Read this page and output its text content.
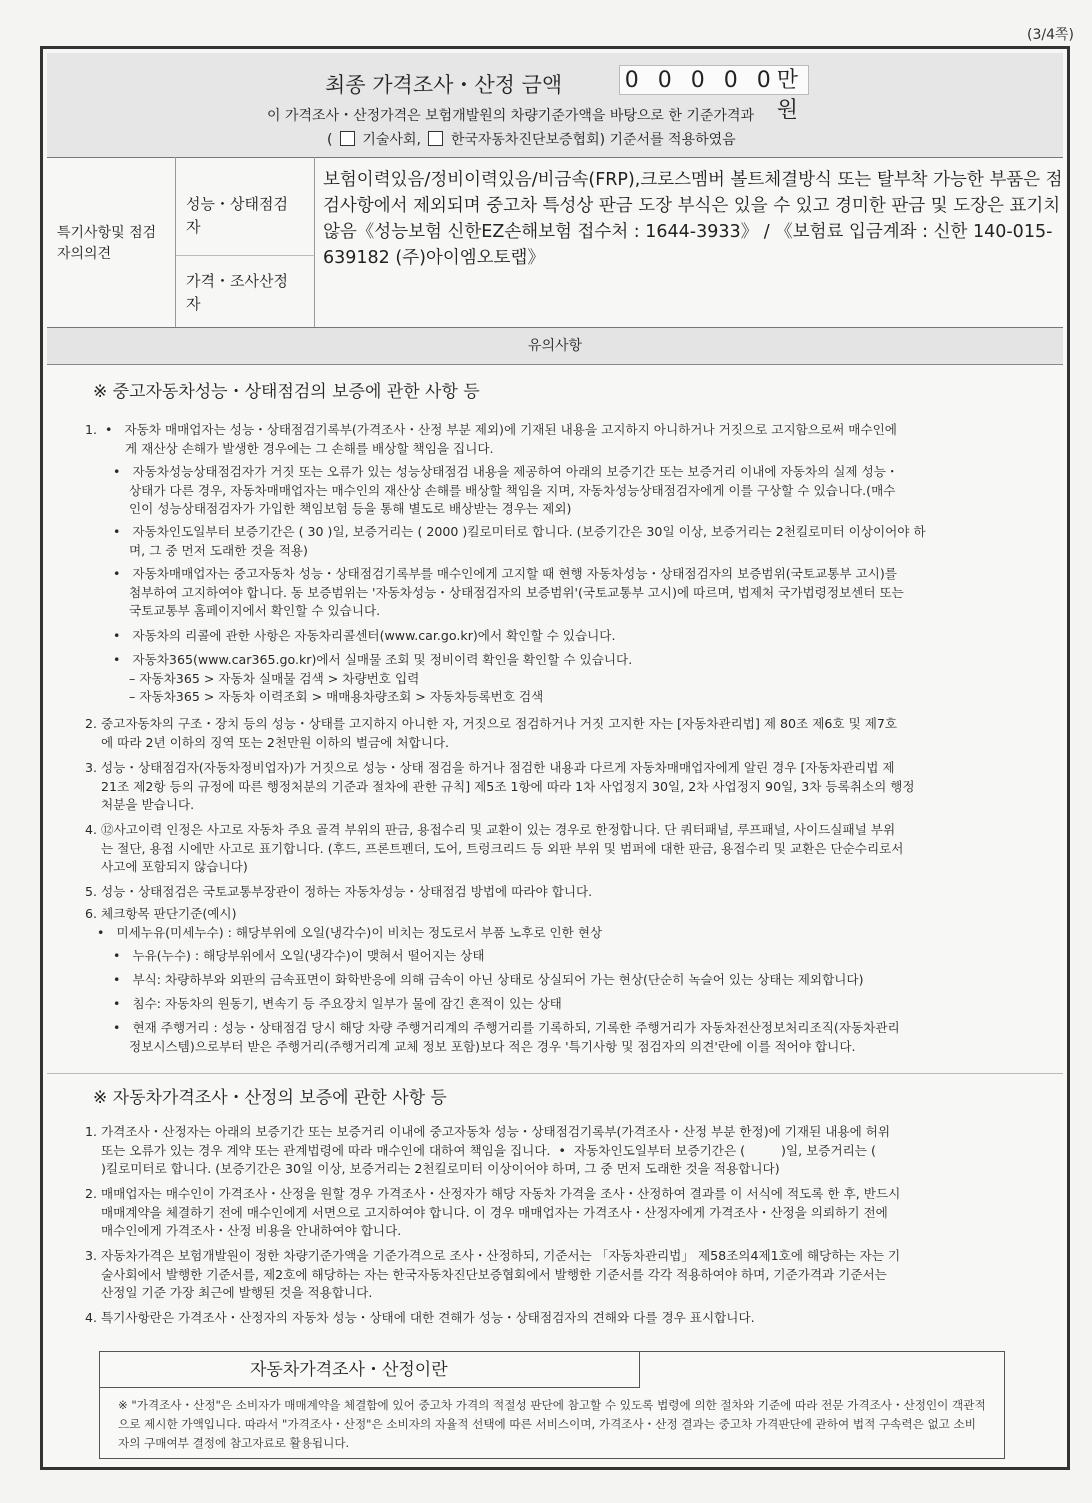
(3/4쪽)
최종 가격조사・산정 금액	0 0 0 0 0만원
이 가격조사・산정가격은 보험개발원의 차량기준가액을 바탕으로 한 기준가격과
( 기술사회, 한국자동차진단보증협회) 기준서를 적용하였음
특기사항및 점검자의의견
성능・상태점검 자
가격・조사산정 자
보험이력있음/정비이력있음/비금속(FRP),크로스멤버 볼트체결방식 또는 탈부착 가능한 부품은 점검사항에서 제외되며 중고차 특성상 판금 도장 부식은 있을 수 있고 경미한 판금 및 도장은 표기치 않음《성능보험 신한EZ손해보험 접수처 : 1644-3933》 / 《보험료 입금계좌 : 신한 140-015-639182 (주)아이엠오토랩》
유의사항
※ 중고자동차성능・상태점검의 보증에 관한 사항 등
1.  •   자동차 매매업자는 성능・상태점검기록부(가격조사・산정 부분 제외)에 기재된 내용을 고지하지 아니하거나 거짓으로 고지함으로써 매수인에
게 재산상 손해가 발생한 경우에는 그 손해를 배상할 책임을 집니다.
•   자동차성능상태점검자가 거짓 또는 오류가 있는 성능상태점검 내용을 제공하여 아래의 보증기간 또는 보증거리 이내에 자동차의 실제 성능・
상태가 다른 경우, 자동차매매업자는 매수인의 재산상 손해를 배상할 책임을 지며, 자동차성능상태점검자에게 이를 구상할 수 있습니다.(매수
인이 성능상태점검자가 가입한 책임보험 등을 통해 별도로 배상받는 경우는 제외)
•   자동차인도일부터 보증기간은 ( 30 )일, 보증거리는 ( 2000 )킬로미터로 합니다. (보증기간은 30일 이상, 보증거리는 2천킬로미터 이상이어야 하
며, 그 중 먼저 도래한 것을 적용)
•   자동차매매업자는 중고자동차 성능・상태점검기록부를 매수인에게 고지할 때 현행 자동차성능・상태점검자의 보증범위(국토교통부 고시)를
첨부하여 고지하여야 합니다. 동 보증범위는 '자동차성능・상태점검자의 보증범위'(국토교통부 고시)에 따르며, 법제처 국가법령정보센터 또는
국토교통부 홈페이지에서 확인할 수 있습니다.
•   자동차의 리콜에 관한 사항은 자동차리콜센터(www.car.go.kr)에서 확인할 수 있습니다.
•   자동차365(www.car365.go.kr)에서 실매물 조회 및 정비이력 확인을 확인할 수 있습니다.
– 자동차365 > 자동차 실매물 검색 > 차량번호 입력
– 자동차365 > 자동차 이력조회 > 매매용차량조회 > 자동차등록번호 검색
2. 중고자동차의 구조・장치 등의 성능・상태를 고지하지 아니한 자, 거짓으로 점검하거나 거짓 고지한 자는 [자동차관리법] 제 80조 제6호 및 제7호
에 따라 2년 이하의 징역 또는 2천만원 이하의 벌금에 처합니다.
3. 성능・상태점검자(자동차정비업자)가 거짓으로 성능・상태 점검을 하거나 점검한 내용과 다르게 자동차매매업자에게 알린 경우 [자동차관리법 제
21조 제2항 등의 규정에 따른 행정처분의 기준과 절차에 관한 규칙] 제5조 1항에 따라 1차 사업정지 30일, 2차 사업정지 90일, 3차 등록취소의 행정
처분을 받습니다.
4. ⑫사고이력 인정은 사고로 자동차 주요 골격 부위의 판금, 용접수리 및 교환이 있는 경우로 한정합니다. 단 쿼터패널, 루프패널, 사이드실패널 부위
는 절단, 용접 시에만 사고로 표기합니다. (후드, 프론트펜더, 도어, 트렁크리드 등 외판 부위 및 범퍼에 대한 판금, 용접수리 및 교환은 단순수리로서
사고에 포함되지 않습니다)
5. 성능・상태점검은 국토교통부장관이 정하는 자동차성능・상태점검 방법에 따라야 합니다.
6. 체크항목 판단기준(예시)
•   미세누유(미세누수) : 해당부위에 오일(냉각수)이 비치는 정도로서 부품 노후로 인한 현상
•   누유(누수) : 해당부위에서 오일(냉각수)이 맺혀서 떨어지는 상태
•   부식: 차량하부와 외판의 금속표면이 화학반응에 의해 금속이 아닌 상태로 상실되어 가는 현상(단순히 녹슬어 있는 상태는 제외합니다)
•   침수: 자동차의 원동기, 변속기 등 주요장치 일부가 물에 잠긴 흔적이 있는 상태
•   현재 주행거리 : 성능・상태점검 당시 해당 차량 주행거리계의 주행거리를 기록하되, 기록한 주행거리가 자동차전산정보처리조직(자동차관리
정보시스템)으로부터 받은 주행거리(주행거리계 교체 정보 포함)보다 적은 경우 '특기사항 및 점검자의 의견'란에 이를 적어야 합니다.
※ 자동차가격조사・산정의 보증에 관한 사항 등
1. 가격조사・산정자는 아래의 보증기간 또는 보증거리 이내에 중고자동차 성능・상태점검기록부(가격조사・산정 부분 한정)에 기재된 내용에 허위
또는 오류가 있는 경우 계약 또는 관계법령에 따라 매수인에 대하여 책임을 집니다.  •  자동차인도일부터 보증기간은 (         )일, 보증거리는 (
)킬로미터로 합니다. (보증기간은 30일 이상, 보증거리는 2천킬로미터 이상이어야 하며, 그 중 먼저 도래한 것을 적용합니다)
2. 매매업자는 매수인이 가격조사・산정을 원할 경우 가격조사・산정자가 해당 자동차 가격을 조사・산정하여 결과를 이 서식에 적도록 한 후, 반드시
매매계약을 체결하기 전에 매수인에게 서면으로 고지하여야 합니다. 이 경우 매매업자는 가격조사・산정자에게 가격조사・산정을 의뢰하기 전에
매수인에게 가격조사・산정 비용을 안내하여야 합니다.
3. 자동차가격은 보험개발원이 정한 차량기준가액을 기준가격으로 조사・산정하되, 기준서는 「자동차관리법」 제58조의4제1호에 해당하는 자는 기
술사회에서 발행한 기준서를, 제2호에 해당하는 자는 한국자동차진단보증협회에서 발행한 기준서를 각각 적용하여야 하며, 기준가격과 기준서는
산정일 기준 가장 최근에 발행된 것을 적용합니다.
4. 특기사항란은 가격조사・산정자의 자동차 성능・상태에 대한 견해가 성능・상태점검자의 견해와 다를 경우 표시합니다.
자동차가격조사・산정이란
※ "가격조사・산정"은 소비자가 매매계약을 체결함에 있어 중고차 가격의 적절성 판단에 참고할 수 있도록 법령에 의한 절차와 기준에 따라 전문 가격조사・산정인이 객관적으로 제시한 가액입니다. 따라서 "가격조사・산정"은 소비자의 자율적 선택에 따른 서비스이며, 가격조사・산정 결과는 중고차 가격판단에 관하여 법적 구속력은 없고 소비자의 구매여부 결정에 참고자료로 활용됩니다.
